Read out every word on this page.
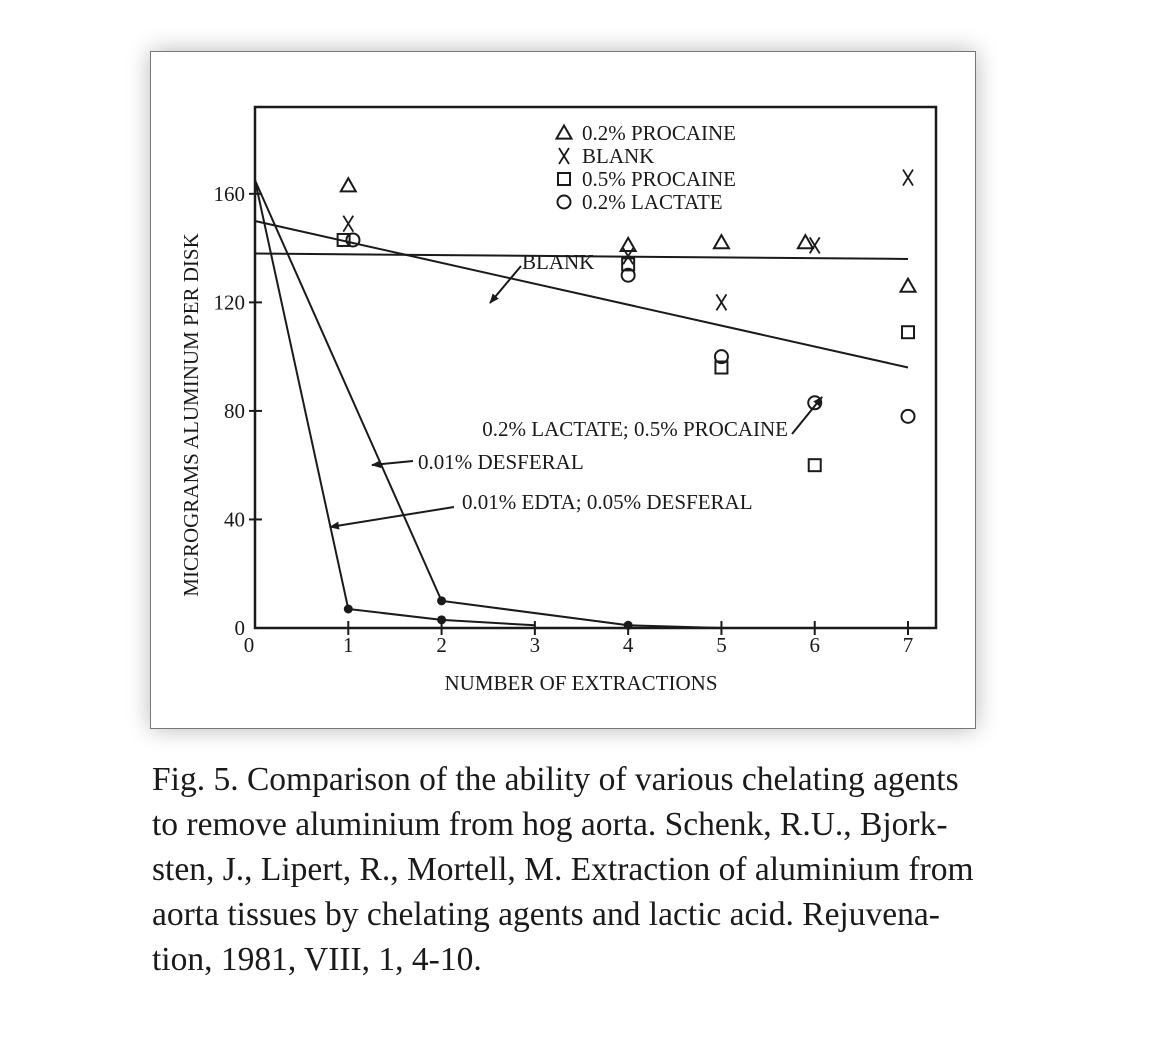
0	1	2	3	4	5	6	7
0
40
80
120
160
0.2% PROCAINE
BLANK
0.5% PROCAINE
0.2% LACTATE
BLANK
0.2% LACTATE; 0.5% PROCAINE
0.01% DESFERAL
0.01% EDTA; 0.05% DESFERAL
NUMBER OF EXTRACTIONS
MICROGRAMS ALUMINUM PER DISK
Fig. 5. Comparison of the ability of various chelating agents
to remove aluminium from hog aorta. Schenk, R.U., Bjork-
sten, J., Lipert, R., Mortell, M. Extraction of aluminium from
aorta tissues by chelating agents and lactic acid. Rejuvena-
tion, 1981, VIII, 1, 4-10.
